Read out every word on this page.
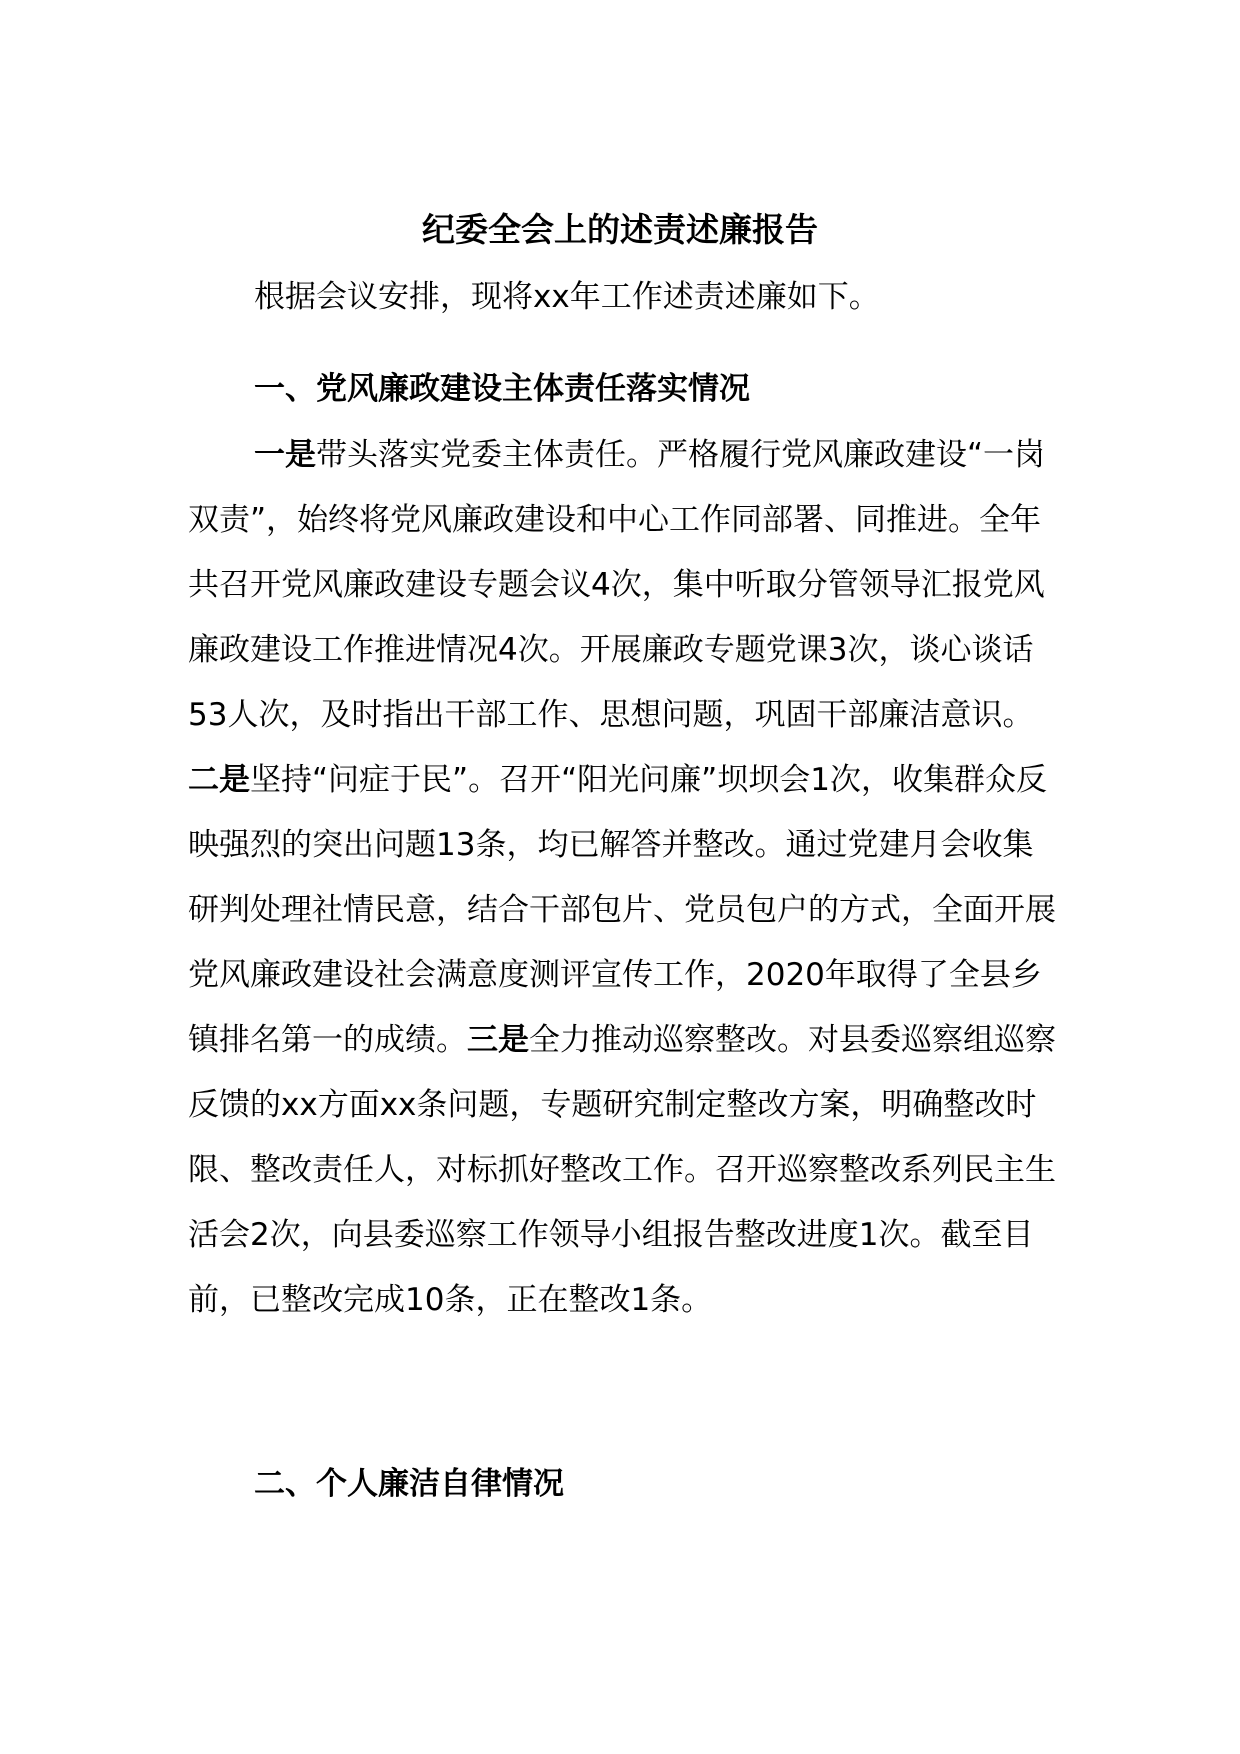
纪委全会上的述责述廉报告

根据会议安排，现将xx年工作述责述廉如下。

一、党风廉政建设主体责任落实情况

一是带头落实党委主体责任。严格履行党风廉政建设“一岗双责”，始终将党风廉政建设和中心工作同部署、同推进。全年共召开党风廉政建设专题会议4次，集中听取分管领导汇报党风廉政建设工作推进情况4次。开展廉政专题党课3次，谈心谈话53人次，及时指出干部工作、思想问题，巩固干部廉洁意识。二是坚持“问症于民”。召开“阳光问廉”坝坝会1次，收集群众反映强烈的突出问题13条，均已解答并整改。通过党建月会收集研判处理社情民意，结合干部包片、党员包户的方式，全面开展党风廉政建设社会满意度测评宣传工作，2020年取得了全县乡镇排名第一的成绩。三是全力推动巡察整改。对县委巡察组巡察反馈的xx方面xx条问题，专题研究制定整改方案，明确整改时限、整改责任人，对标抓好整改工作。召开巡察整改系列民主生活会2次，向县委巡察工作领导小组报告整改进度1次。截至目前，已整改完成10条，正在整改1条。

二、个人廉洁自律情况
